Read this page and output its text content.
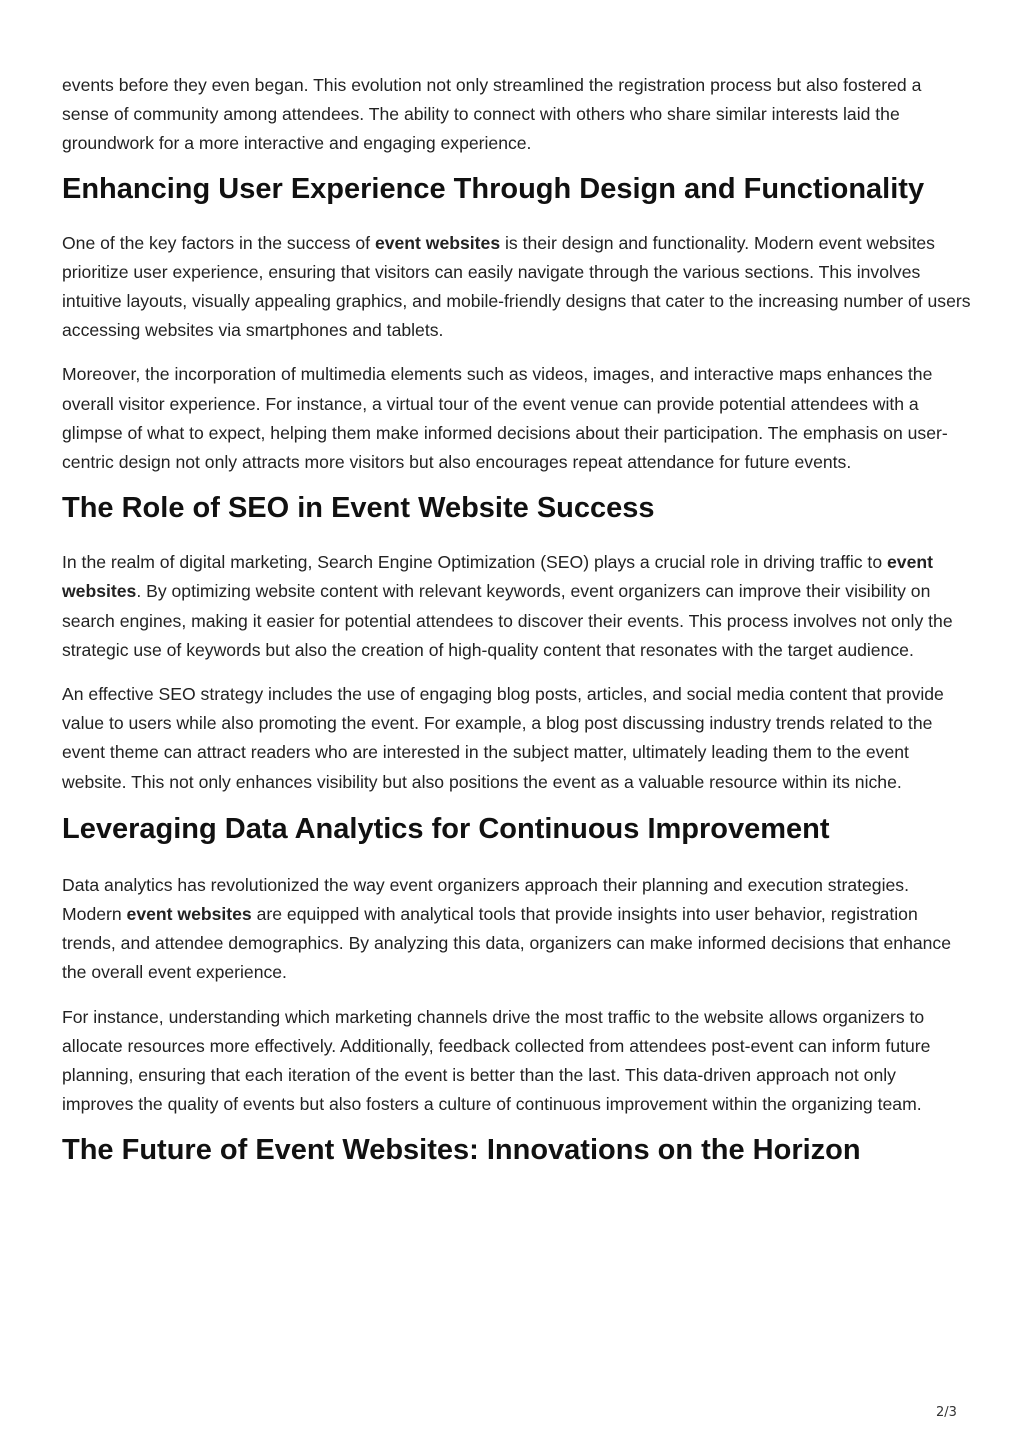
events before they even began. This evolution not only streamlined the registration process but also fostered a sense of community among attendees. The ability to connect with others who share similar interests laid the groundwork for a more interactive and engaging experience.

Enhancing User Experience Through Design and Functionality

One of the key factors in the success of event websites is their design and functionality. Modern event websites prioritize user experience, ensuring that visitors can easily navigate through the various sections. This involves intuitive layouts, visually appealing graphics, and mobile-friendly designs that cater to the increasing number of users accessing websites via smartphones and tablets.

Moreover, the incorporation of multimedia elements such as videos, images, and interactive maps enhances the overall visitor experience. For instance, a virtual tour of the event venue can provide potential attendees with a glimpse of what to expect, helping them make informed decisions about their participation. The emphasis on user-centric design not only attracts more visitors but also encourages repeat attendance for future events.

The Role of SEO in Event Website Success

In the realm of digital marketing, Search Engine Optimization (SEO) plays a crucial role in driving traffic to event websites. By optimizing website content with relevant keywords, event organizers can improve their visibility on search engines, making it easier for potential attendees to discover their events. This process involves not only the strategic use of keywords but also the creation of high-quality content that resonates with the target audience.

An effective SEO strategy includes the use of engaging blog posts, articles, and social media content that provide value to users while also promoting the event. For example, a blog post discussing industry trends related to the event theme can attract readers who are interested in the subject matter, ultimately leading them to the event website. This not only enhances visibility but also positions the event as a valuable resource within its niche.

Leveraging Data Analytics for Continuous Improvement

Data analytics has revolutionized the way event organizers approach their planning and execution strategies. Modern event websites are equipped with analytical tools that provide insights into user behavior, registration trends, and attendee demographics. By analyzing this data, organizers can make informed decisions that enhance the overall event experience.

For instance, understanding which marketing channels drive the most traffic to the website allows organizers to allocate resources more effectively. Additionally, feedback collected from attendees post-event can inform future planning, ensuring that each iteration of the event is better than the last. This data-driven approach not only improves the quality of events but also fosters a culture of continuous improvement within the organizing team.

The Future of Event Websites: Innovations on the Horizon
2/3
